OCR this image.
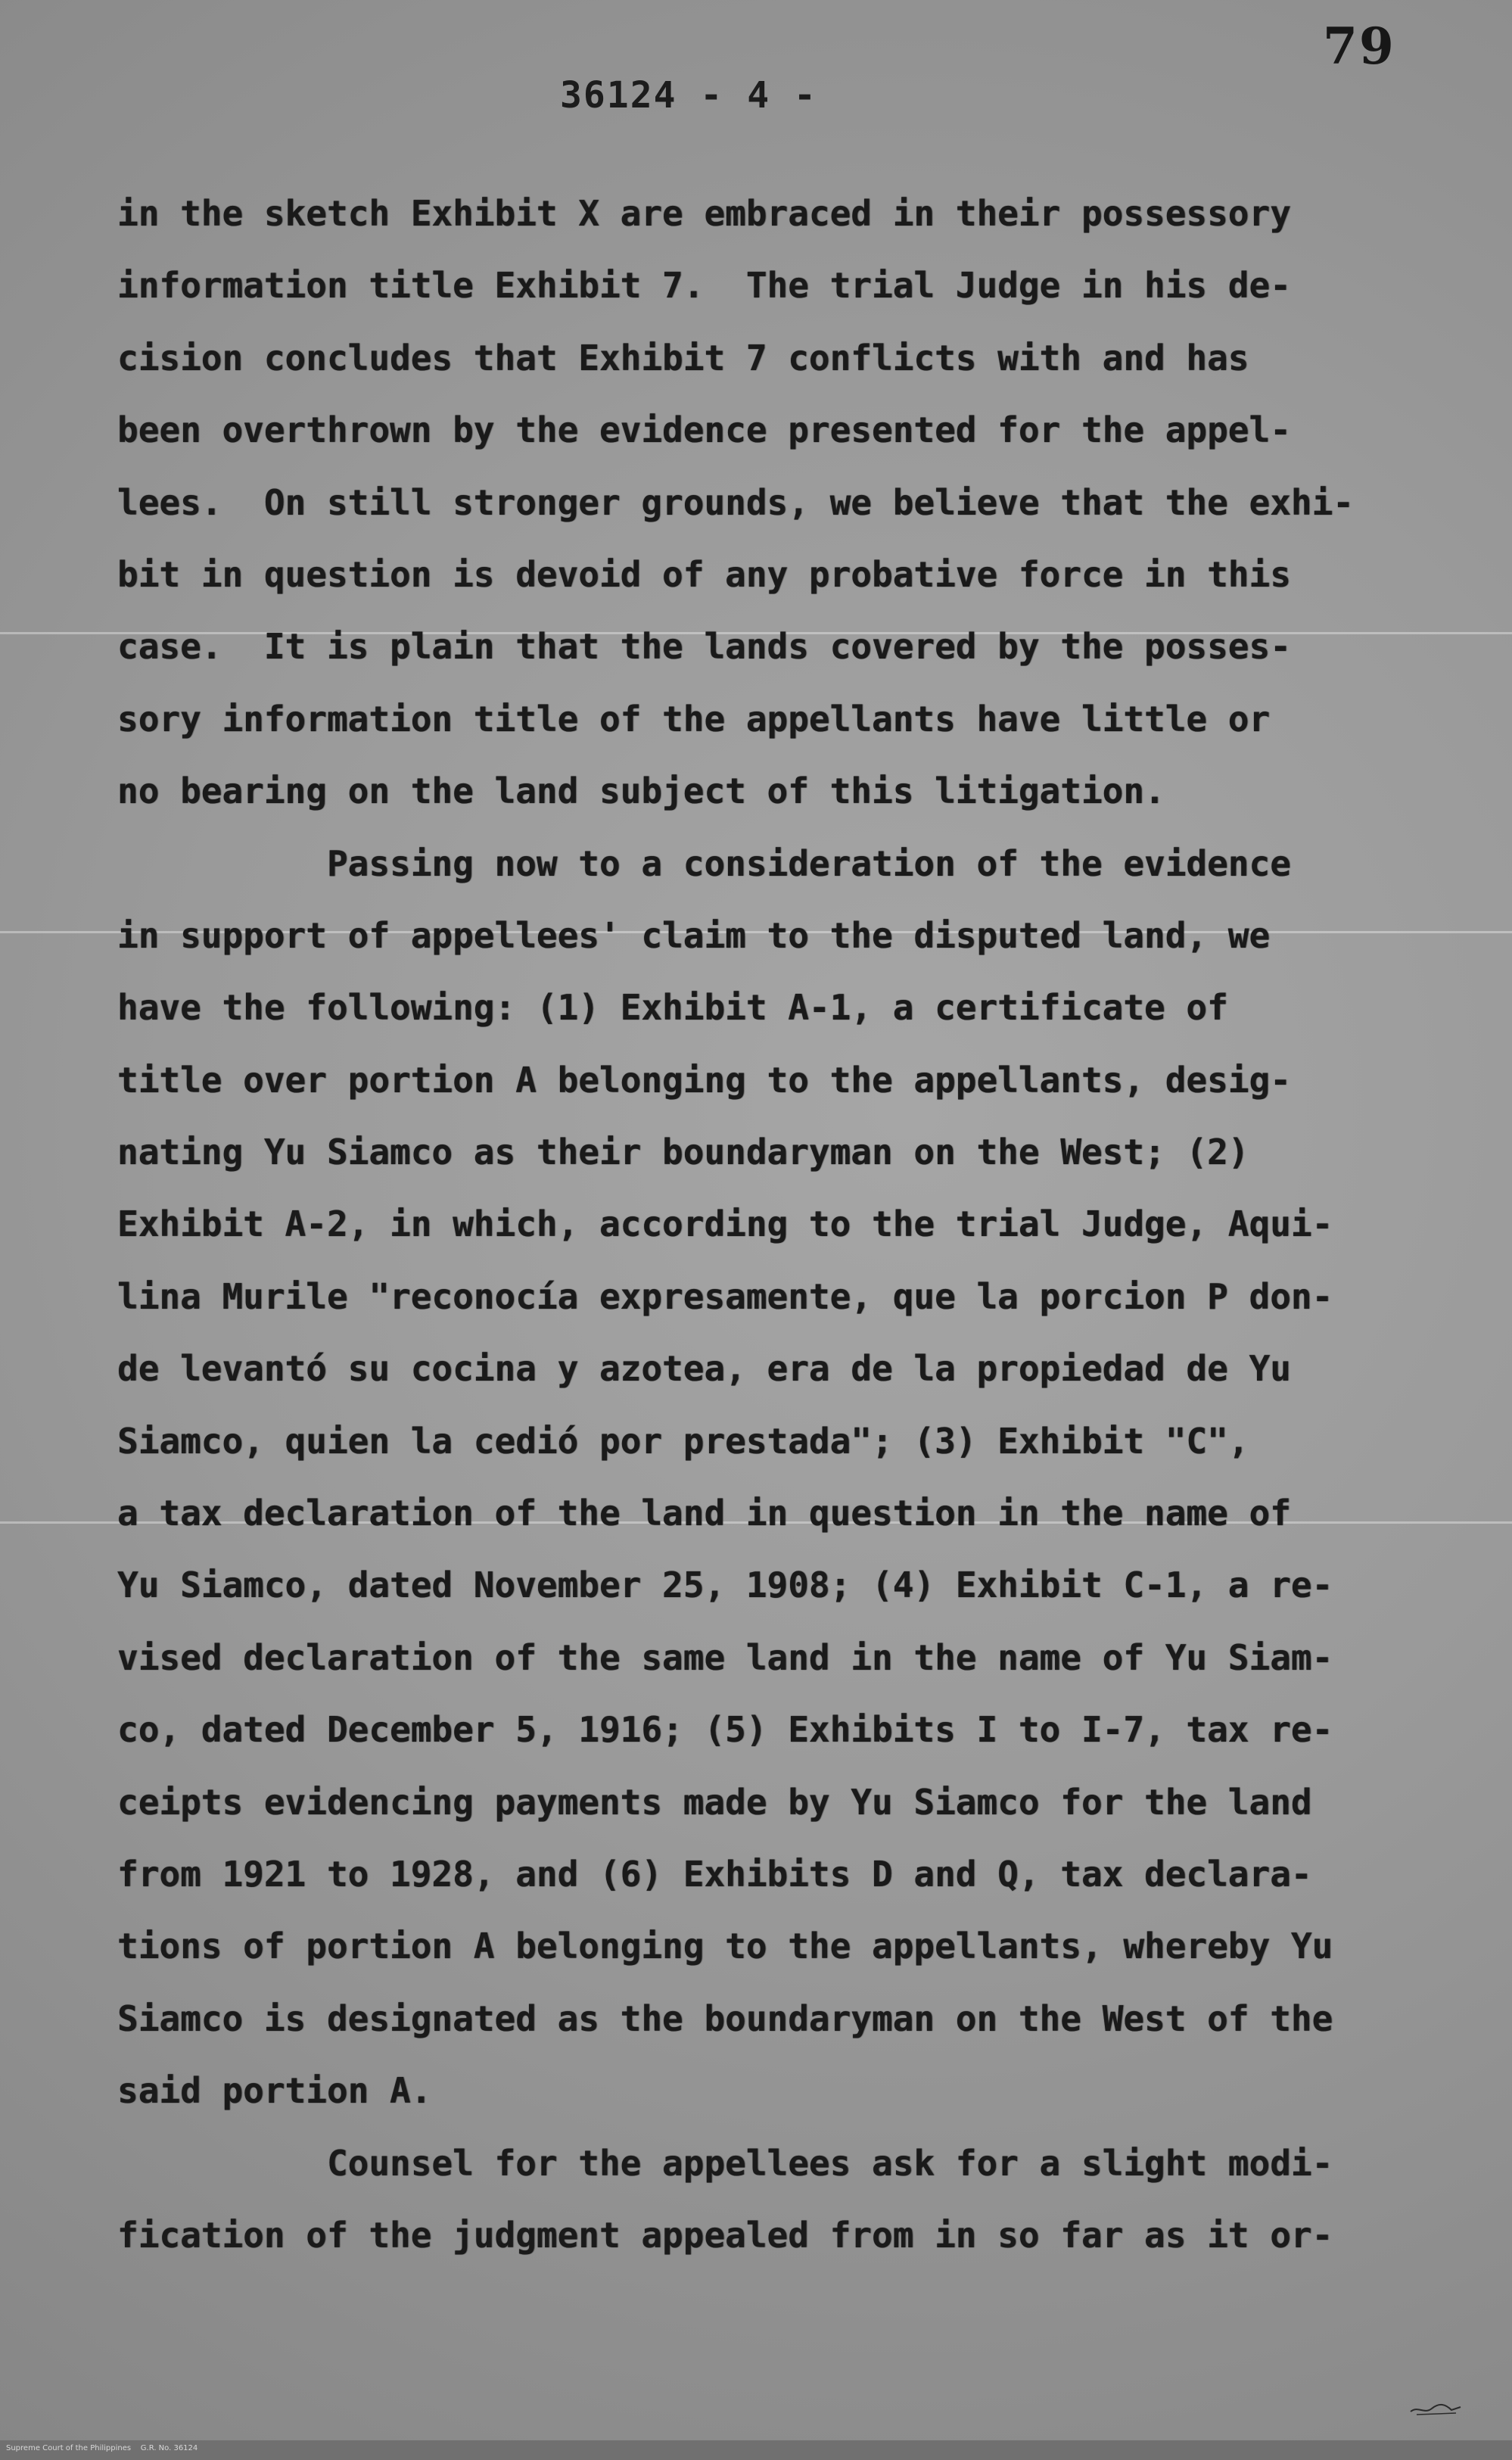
79
36124 - 4 -
in the sketch Exhibit X are embraced in their possessory
information title Exhibit 7.  The trial Judge in his de-
cision concludes that Exhibit 7 conflicts with and has
been overthrown by the evidence presented for the appel-
lees.  On still stronger grounds, we believe that the exhi-
bit in question is devoid of any probative force in this
case.  It is plain that the lands covered by the posses-
sory information title of the appellants have little or
no bearing on the land subject of this litigation.
Passing now to a consideration of the evidence
in support of appellees' claim to the disputed land, we
have the following: (1) Exhibit A-1, a certificate of
title over portion A belonging to the appellants, desig-
nating Yu Siamco as their boundaryman on the West; (2)
Exhibit A-2, in which, according to the trial Judge, Aqui-
lina Murile "reconocía expresamente, que la porcion P don-
de levantó su cocina y azotea, era de la propiedad de Yu
Siamco, quien la cedió por prestada"; (3) Exhibit "C",
a tax declaration of the land in question in the name of
Yu Siamco, dated November 25, 1908; (4) Exhibit C-1, a re-
vised declaration of the same land in the name of Yu Siam-
co, dated December 5, 1916; (5) Exhibits I to I-7, tax re-
ceipts evidencing payments made by Yu Siamco for the land
from 1921 to 1928, and (6) Exhibits D and Q, tax declara-
tions of portion A belonging to the appellants, whereby Yu
Siamco is designated as the boundaryman on the West of the
said portion A.
Counsel for the appellees ask for a slight modi-
fication of the judgment appealed from in so far as it or-
Supreme Court of the Philippines    G.R. No. 36124
